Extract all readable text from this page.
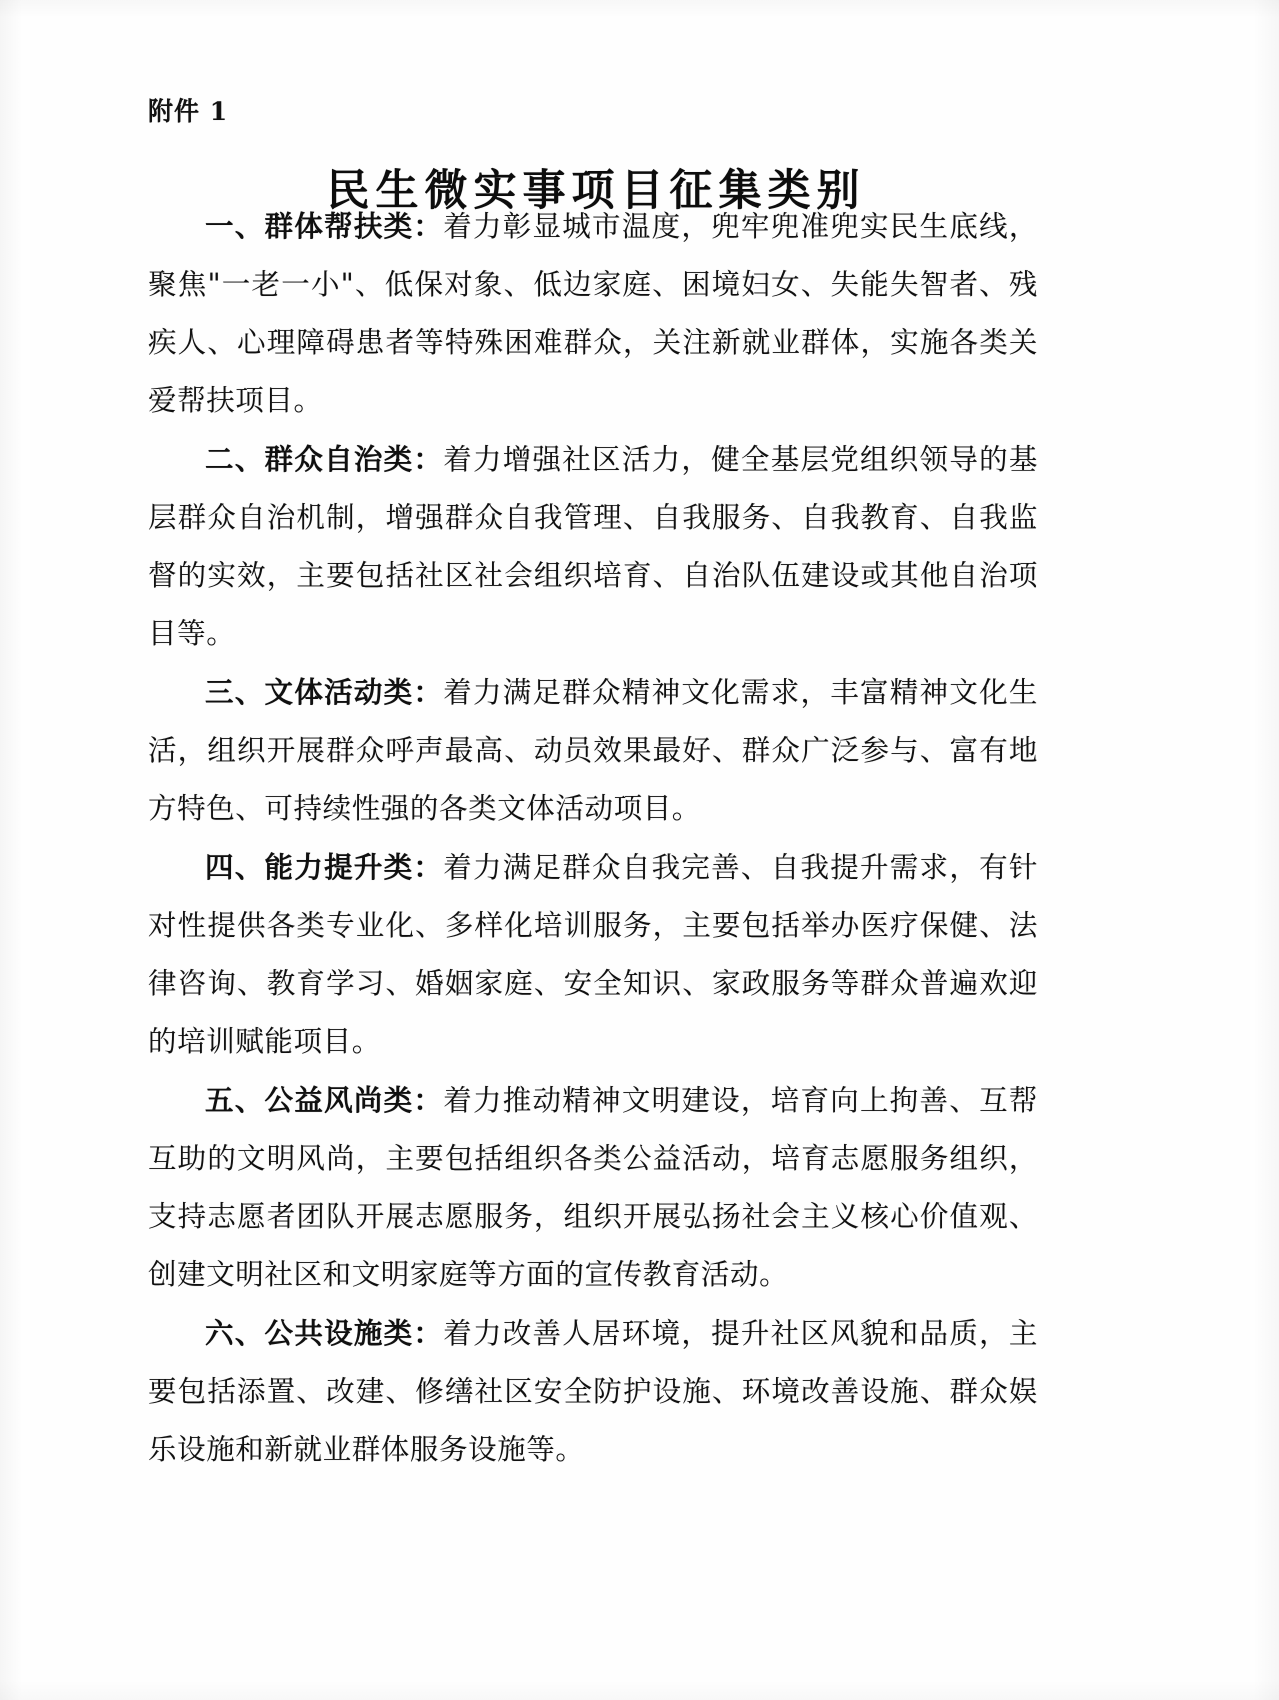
附件 1
民生微实事项目征集类别

一、群体帮扶类：着力彰显城市温度，兜牢兜准兜实民生底线，聚焦"一老一小"、低保对象、低边家庭、困境妇女、失能失智者、残疾人、心理障碍患者等特殊困难群众，关注新就业群体，实施各类关爱帮扶项目。

二、群众自治类：着力增强社区活力，健全基层党组织领导的基层群众自治机制，增强群众自我管理、自我服务、自我教育、自我监督的实效，主要包括社区社会组织培育、自治队伍建设或其他自治项目等。

三、文体活动类：着力满足群众精神文化需求，丰富精神文化生活，组织开展群众呼声最高、动员效果最好、群众广泛参与、富有地方特色、可持续性强的各类文体活动项目。

四、能力提升类：着力满足群众自我完善、自我提升需求，有针对性提供各类专业化、多样化培训服务，主要包括举办医疗保健、法律咨询、教育学习、婚姻家庭、安全知识、家政服务等群众普遍欢迎的培训赋能项目。

五、公益风尚类：着力推动精神文明建设，培育向上拘善、互帮互助的文明风尚，主要包括组织各类公益活动，培育志愿服务组织，支持志愿者团队开展志愿服务，组织开展弘扬社会主义核心价值观、创建文明社区和文明家庭等方面的宣传教育活动。

六、公共设施类：着力改善人居环境，提升社区风貌和品质，主要包括添置、改建、修缮社区安全防护设施、环境改善设施、群众娱乐设施和新就业群体服务设施等。
